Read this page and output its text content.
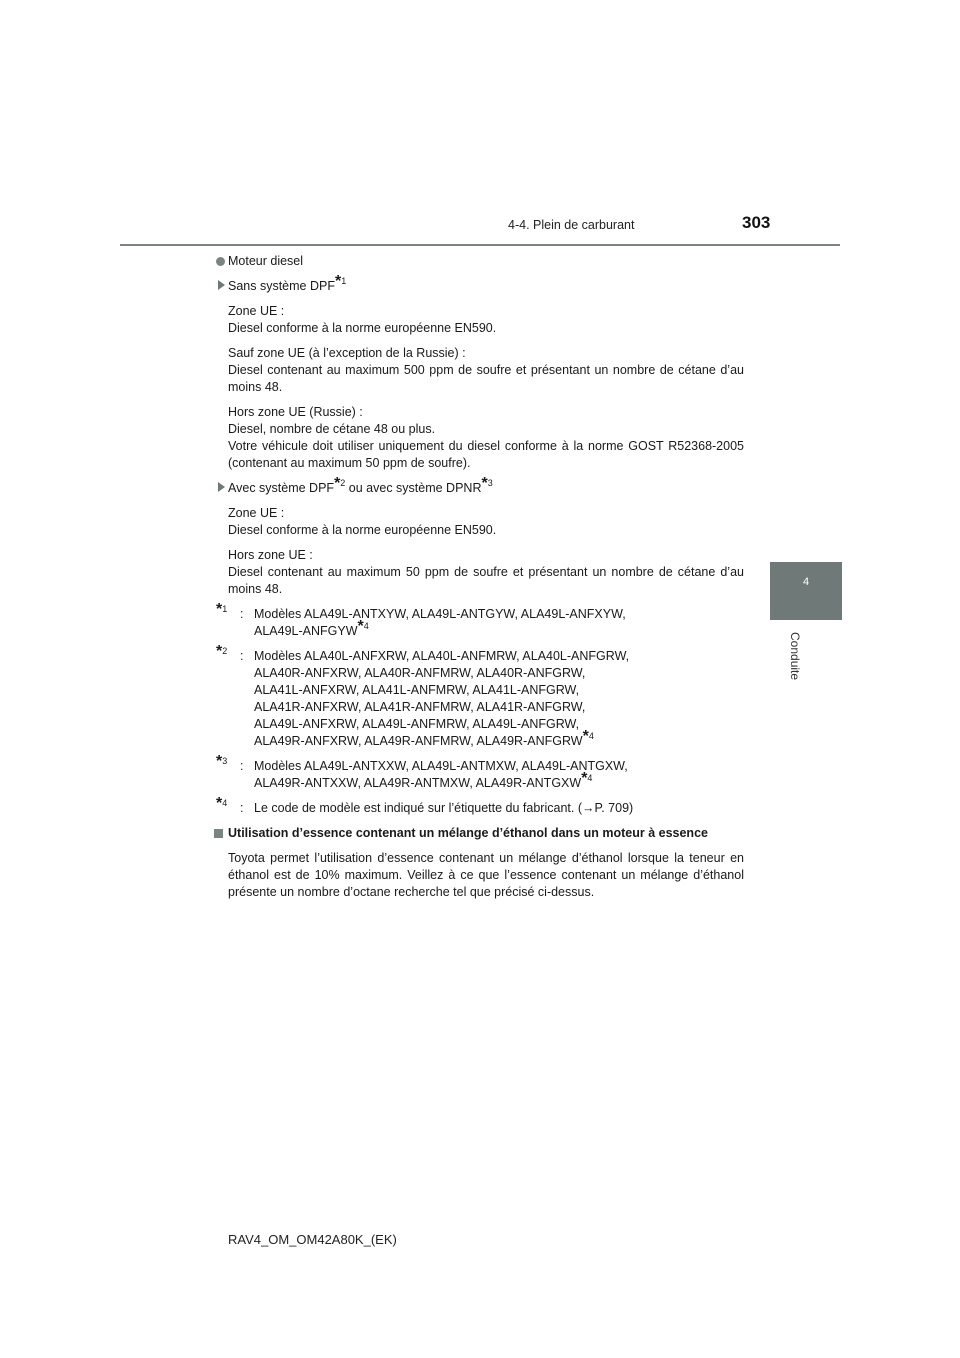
4-4. Plein de carburant	303
4
Conduite
Moteur diesel
Sans système DPF*$^1$

Zone UE :

Diesel conforme à la norme européenne EN590.

Sauf zone UE (à l’exception de la Russie) :

Diesel contenant au maximum 500 ppm de soufre et présentant un nombre de cétane d’au moins 48.

Hors zone UE (Russie) :

Diesel, nombre de cétane 48 ou plus.

Votre véhicule doit utiliser uniquement du diesel conforme à la norme GOST R52368-2005 (contenant au maximum 50 ppm de soufre).

Avec système DPF*$^2$ ou avec système DPNR*$^3$

Zone UE :

Diesel conforme à la norme européenne EN590.

Hors zone UE :

Diesel contenant au maximum 50 ppm de soufre et présentant un nombre de cétane d’au moins 48.

*$^1$ : Modèles ALA49L-ANTXYW, ALA49L-ANTGYW, ALA49L-ANFXYW,

ALA49L-ANFGYW*$^4$

*$^2$ : Modèles ALA40L-ANFXRW, ALA40L-ANFMRW, ALA40L-ANFGRW,

ALA40R-ANFXRW, ALA40R-ANFMRW, ALA40R-ANFGRW,

ALA41L-ANFXRW, ALA41L-ANFMRW, ALA41L-ANFGRW,

ALA41R-ANFXRW, ALA41R-ANFMRW, ALA41R-ANFGRW,

ALA49L-ANFXRW, ALA49L-ANFMRW, ALA49L-ANFGRW,

ALA49R-ANFXRW, ALA49R-ANFMRW, ALA49R-ANFGRW*$^4$

*$^3$ : Modèles ALA49L-ANTXXW, ALA49L-ANTMXW, ALA49L-ANTGXW,

ALA49R-ANTXXW, ALA49R-ANTMXW, ALA49R-ANTGXW*$^4$

*$^4$ : Le code de modèle est indiqué sur l’étiquette du fabricant. (→P. 709)

Utilisation d’essence contenant un mélange d’éthanol dans un moteur à essence

Toyota permet l’utilisation d’essence contenant un mélange d’éthanol lorsque la teneur en éthanol est de 10% maximum. Veillez à ce que l’essence contenant un mélange d’éthanol présente un nombre d’octane recherche tel que précisé ci-dessus.

RAV4_OM_OM42A80K_(EK)
